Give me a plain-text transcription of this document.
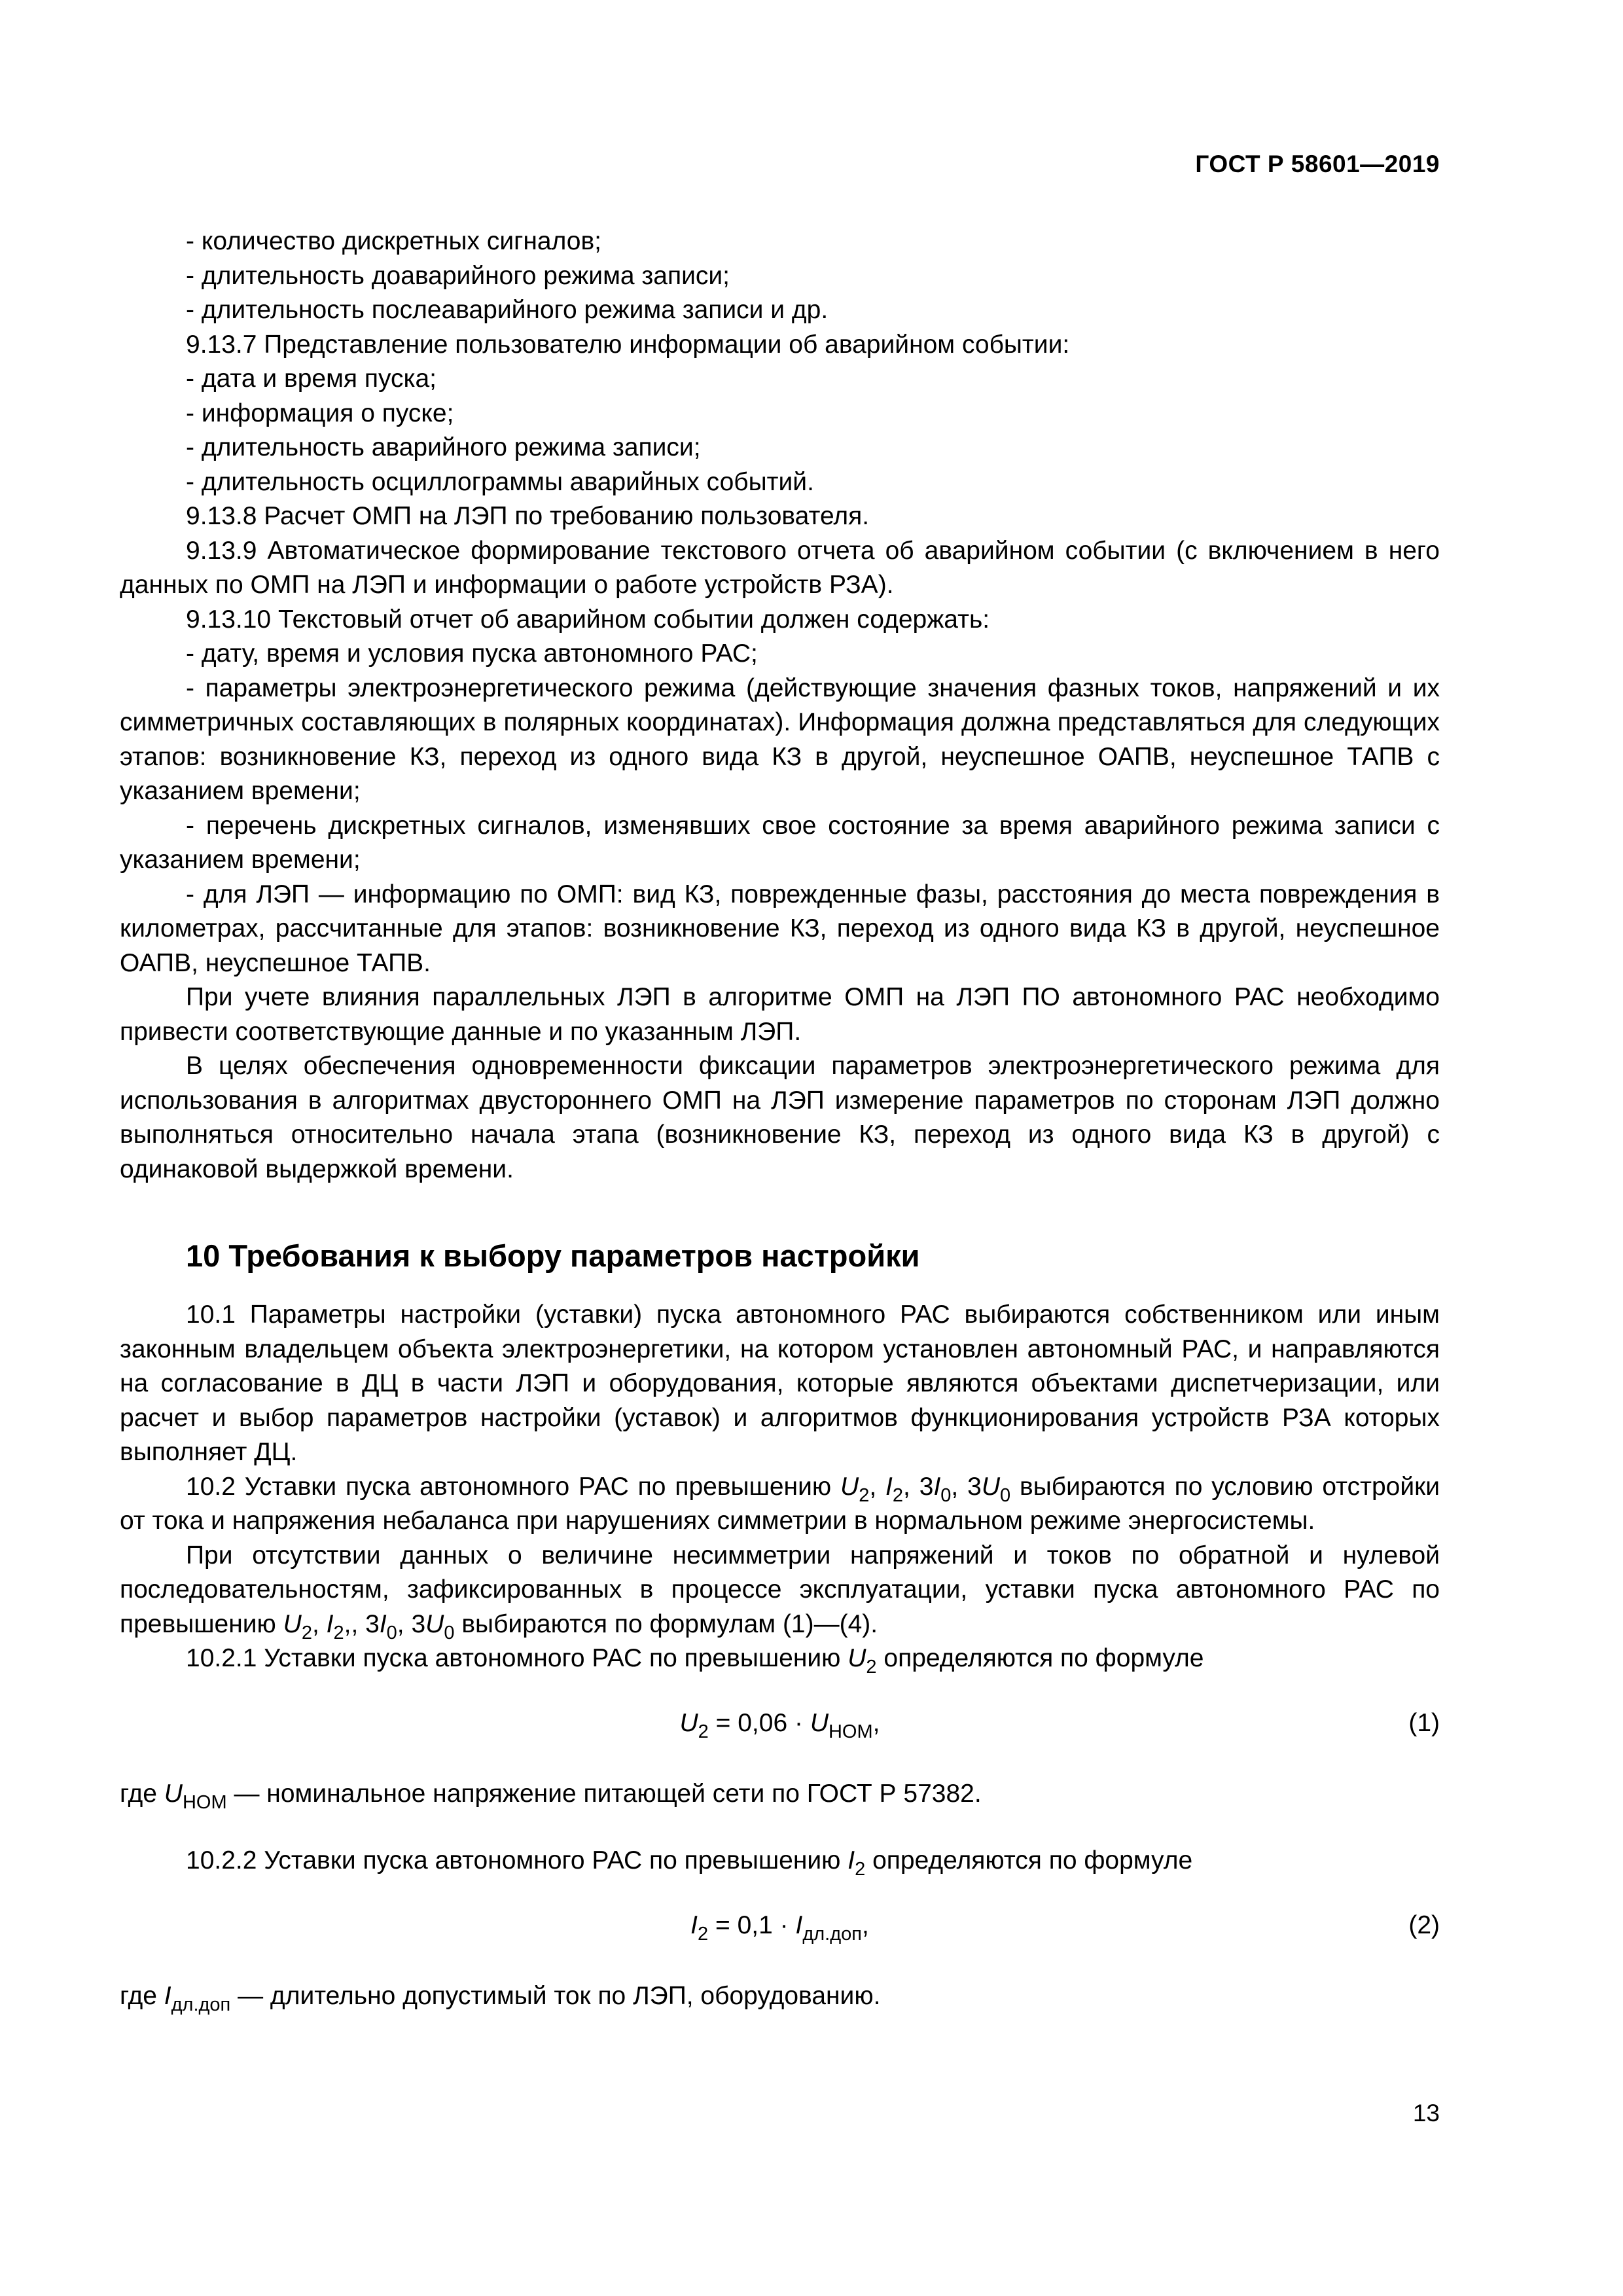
ГОСТ Р 58601—2019

- количество дискретных сигналов;

- длительность доаварийного режима записи;

- длительность послеаварийного режима записи и др.

9.13.7 Представление пользователю информации об аварийном событии:

- дата и время пуска;

- информация о пуске;

- длительность аварийного режима записи;

- длительность осциллограммы аварийных событий.

9.13.8 Расчет ОМП на ЛЭП по требованию пользователя.

9.13.9 Автоматическое формирование текстового отчета об аварийном событии (с включением в него данных по ОМП на ЛЭП и информации о работе устройств РЗА).

9.13.10 Текстовый отчет об аварийном событии должен содержать:

- дату, время и условия пуска автономного РАС;

- параметры электроэнергетического режима (действующие значения фазных токов, напряжений и их симметричных составляющих в полярных координатах). Информация должна представляться для следующих этапов: возникновение КЗ, переход из одного вида КЗ в другой, неуспешное ОАПВ, неуспешное ТАПВ с указанием времени;

- перечень дискретных сигналов, изменявших свое состояние за время аварийного режима записи с указанием времени;

- для ЛЭП — информацию по ОМП: вид КЗ, поврежденные фазы, расстояния до места повреждения в километрах, рассчитанные для этапов: возникновение КЗ, переход из одного вида КЗ в другой, неуспешное ОАПВ, неуспешное ТАПВ.

При учете влияния параллельных ЛЭП в алгоритме ОМП на ЛЭП ПО автономного РАС необходимо привести соответствующие данные и по указанным ЛЭП.

В целях обеспечения одновременности фиксации параметров электроэнергетического режима для использования в алгоритмах двустороннего ОМП на ЛЭП измерение параметров по сторонам ЛЭП должно выполняться относительно начала этапа (возникновение КЗ, переход из одного вида КЗ в другой) с одинаковой выдержкой времени.

10 Требования к выбору параметров настройки

10.1 Параметры настройки (уставки) пуска автономного РАС выбираются собственником или иным законным владельцем объекта электроэнергетики, на котором установлен автономный РАС, и направляются на согласование в ДЦ в части ЛЭП и оборудования, которые являются объектами диспетчеризации, или расчет и выбор параметров настройки (уставок) и алгоритмов функционирования устройств РЗА которых выполняет ДЦ.

10.2 Уставки пуска автономного РАС по превышению $U_2$, $I_2$, $3I_0$, $3U_0$ выбираются по условию отстройки от тока и напряжения небаланса при нарушениях симметрии в нормальном режиме энергосистемы.

При отсутствии данных о величине несимметрии напряжений и токов по обратной и нулевой последовательностям, зафиксированных в процессе эксплуатации, уставки пуска автономного РАС по превышению $U_2$, $I_2$,, $3I_0$, $3U_0$ выбираются по формулам (1)—(4).

10.2.1 Уставки пуска автономного РАС по превышению $U_2$ определяются по формуле

$U_2 = 0,06 \cdot U_{НОМ}$,	(1)

где $U_{НОМ}$ — номинальное напряжение питающей сети по ГОСТ Р 57382.

10.2.2 Уставки пуска автономного РАС по превышению $I_2$ определяются по формуле

$I_2 = 0,1 \cdot I_{дл.доп}$,	(2)

где $I_{дл.доп}$ — длительно допустимый ток по ЛЭП, оборудованию.

13
